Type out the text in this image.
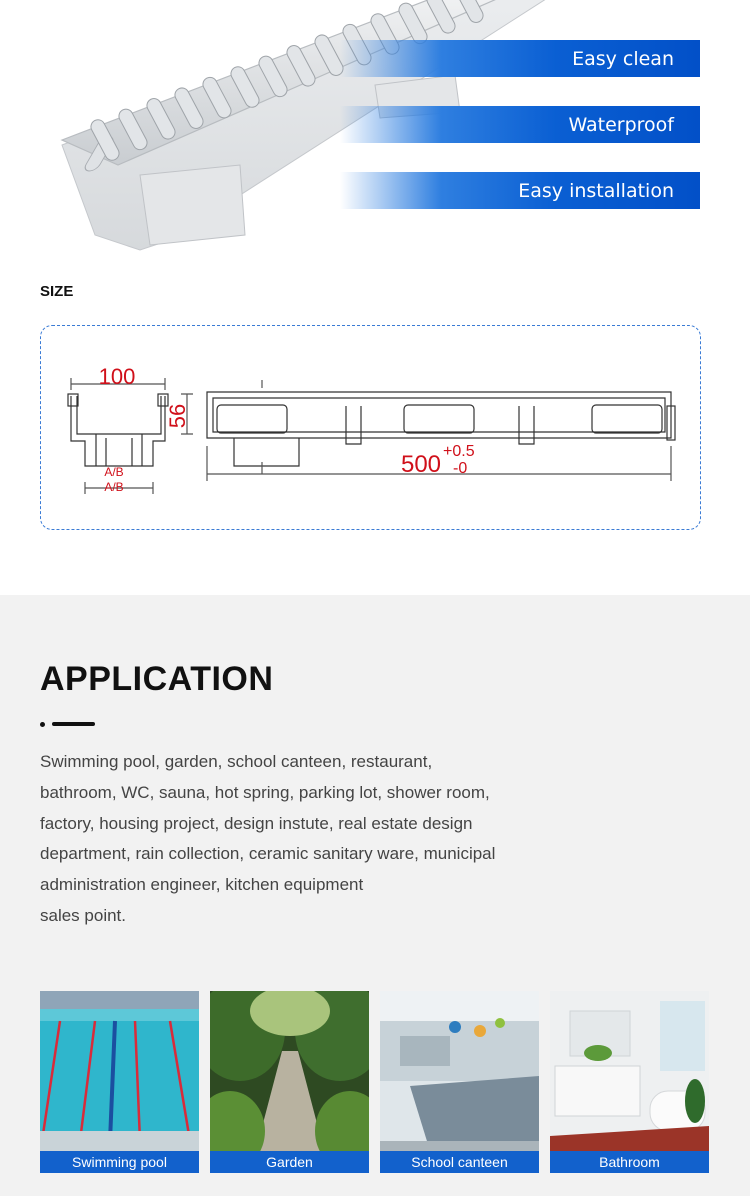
Easy clean
Waterproof
Easy installation
SIZE
100
56
A/B
A/B
500 +0.5
-0
APPLICATION
Swimming pool, garden, school canteen, restaurant,
bathroom, WC, sauna, hot spring, parking lot, shower room,
factory, housing project, design instute, real estate design
department, rain collection, ceramic sanitary ware, municipal
administration engineer, kitchen equipment
sales point.
Swimming pool	Garden	School canteen	Bathroom
